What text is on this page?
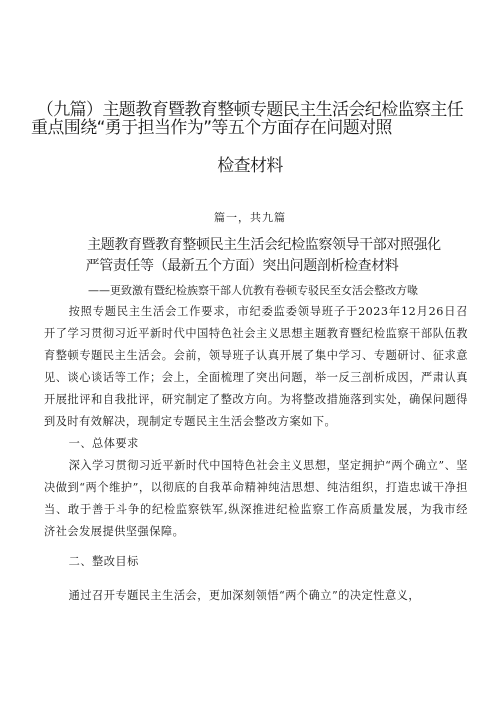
（九篇）主题教育暨教育整顿专题民主生活会纪检监察主任
重点围绕“勇于担当作为”等五个方面存在问题对照
检查材料
篇一，共九篇
主题教育暨教育整顿民主生活会纪检监察领导干部对照强化
严管责任等（最新五个方面）突出问题剖析检查材料
——更致激有暨纪检族察干部人伉教有卷顿专驳民至女活会整改方喙

按照专题民主生活会工作要求，市纪委监委领导班子于2023年12月26日召开了学习贯彻习近平新时代中国特色社会主义思想主题教育暨纪检监察干部队伍教育整顿专题民主生活会。会前，领导班子认真开展了集中学习、专题研讨、征求意见、谈心谈话等工作；会上，全面梳理了突出问题，举一反三剖析成因，严肃认真开展批评和自我批评，研究制定了整改方向。为将整改措施落到实处，确保问题得到及时有效解决，现制定专题民主生活会整改方案如下。

一、总体要求

深入学习贯彻习近平新时代中国特色社会主义思想，坚定拥护“两个确立”、坚决做到“两个维护”，以彻底的自我革命精神纯洁思想、纯洁组织，打造忠诚干净担当、敢于善于斗争的纪检监察铁军,纵深推进纪检监察工作高质量发展，为我市经济社会发展提供坚强保障。

二、整改目标

通过召开专题民主生活会，更加深刻领悟“两个确立”的决定性意义，
